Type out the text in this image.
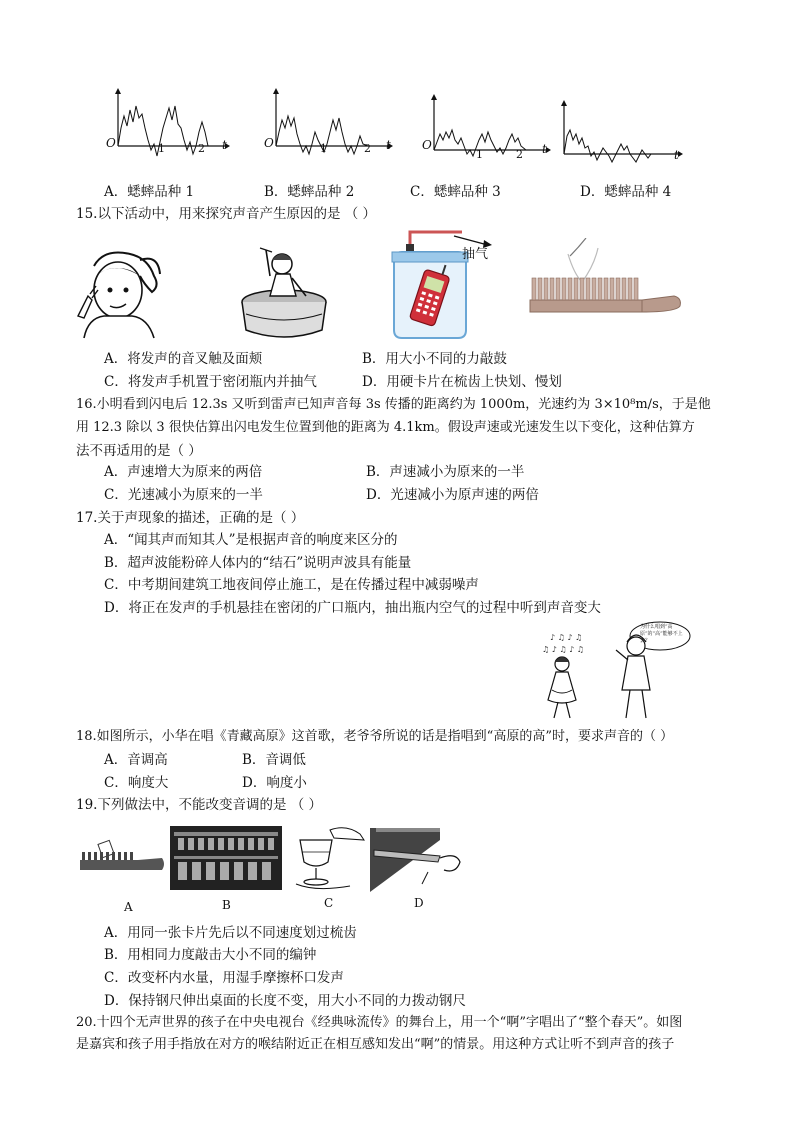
O	t
1	2	O	t
1	2	O	t
1	2	t
A．蟋蟀品种 1	B．蟋蟀品种 2	C．蟋蟀品种 3	D．蟋蟀品种 4
15.以下活动中，用来探究声音产生原因的是 （ ）
抽气
A．将发声的音叉触及面颊	B．用大小不同的力敲鼓
C．将发声手机置于密闭瓶内并抽气	D．用硬卡片在梳齿上快划、慢划
16.小明看到闪电后 12.3s 又听到雷声已知声音每 3s 传播的距离约为 1000m，光速约为 3×10⁸m/s，于是他
用 12.3 除以 3 很快估算出闪电发生位置到他的距离为 4.1km。假设声速或光速发生以下变化，这种估算方
法不再适用的是（ ）
A．声速增大为原来的两倍	B．声速减小为原来的一半
C．光速减小为原来的一半	D．光速减小为原声速的两倍
17.关于声现象的描述，正确的是（ ）
A．“闻其声而知其人”是根据声音的响度来区分的
B．超声波能粉碎人体内的“结石”说明声波具有能量
C．中考期间建筑工地夜间停止施工，是在传播过程中减弱噪声
D．将正在发声的手机悬挂在密闭的广口瓶内，抽出瓶内空气的过程中听到声音变大
♪ ♫ ♪ ♫
♫ ♪ ♫ ♪ ♫
为什么唱到“高原”的“高”能够不上去？
18.如图所示，小华在唱《青藏高原》这首歌，老爷爷所说的话是指唱到“高原的高”时，要求声音的（ ）
A．音调高	B．音调低
C．响度大	D．响度小
19.下列做法中，不能改变音调的是 （ ）
A	B	C	D
A．用同一张卡片先后以不同速度划过梳齿
B．用相同力度敲击大小不同的编钟
C．改变杯内水量，用湿手摩擦杯口发声
D．保持钢尺伸出桌面的长度不变，用大小不同的力拨动钢尺
20.十四个无声世界的孩子在中央电视台《经典咏流传》的舞台上，用一个“啊”字唱出了“整个春天”。如图
是嘉宾和孩子用手指放在对方的喉结附近正在相互感知发出“啊”的情景。用这种方式让听不到声音的孩子
